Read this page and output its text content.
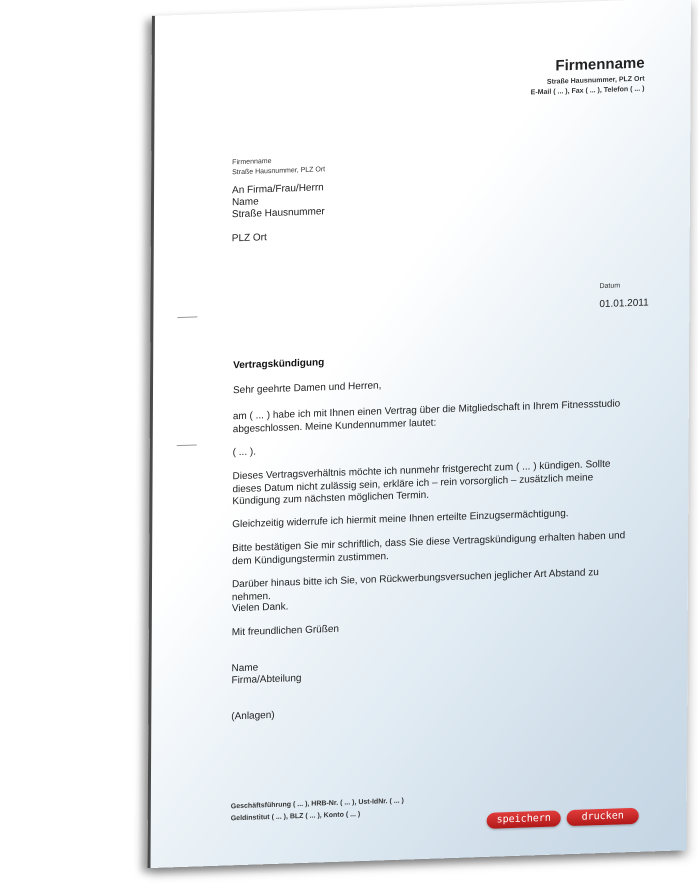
Firmenname
Straße Hausnummer, PLZ Ort
E-Mail ( ... ), Fax ( ... ), Telefon ( ... )
Firmenname
Straße Hausnummer, PLZ Ort
An Firma/Frau/Herrn
Name
Straße Hausnummer
PLZ Ort
Datum
01.01.2011
Vertragskündigung
Sehr geehrte Damen und Herren,
am ( ... ) habe ich mit Ihnen einen Vertrag über die Mitgliedschaft in Ihrem Fitnessstudio abgeschlossen. Meine Kundennummer lautet:
( ... ).
Dieses Vertragsverhältnis möchte ich nunmehr fristgerecht zum ( ... ) kündigen. Sollte dieses Datum nicht zulässig sein, erkläre ich – rein vorsorglich – zusätzlich meine Kündigung zum nächsten möglichen Termin.
Gleichzeitig widerrufe ich hiermit meine Ihnen erteilte Einzugsermächtigung.
Bitte bestätigen Sie mir schriftlich, dass Sie diese Vertragskündigung erhalten haben und dem Kündigungstermin zustimmen.
Darüber hinaus bitte ich Sie, von Rückwerbungsversuchen jeglicher Art Abstand zu nehmen.
Vielen Dank.
Mit freundlichen Grüßen
Name
Firma/Abteilung
(Anlagen)
Geschäftsführung ( ... ), HRB-Nr. ( ... ), Ust-IdNr. ( ... )
Geldinstitut ( ... ), BLZ ( ... ), Konto ( ... )	speichern	drucken
